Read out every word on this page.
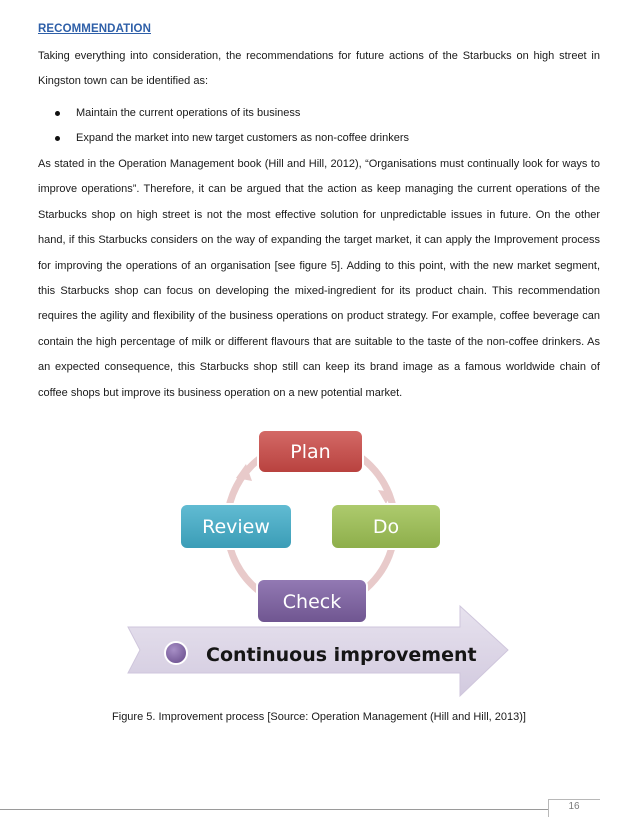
RECOMMENDATION

Taking everything into consideration, the recommendations for future actions of the Starbucks on high street in Kingston town can be identified as:

Maintain the current operations of its business
Expand the market into new target customers as non-coffee drinkers

As stated in the Operation Management book (Hill and Hill, 2012), “Organisations must continually look for ways to improve operations”. Therefore, it can be argued that the action as keep managing the current operations of the Starbucks shop on high street is not the most effective solution for unpredictable issues in future. On the other hand, if this Starbucks considers on the way of expanding the target market, it can apply the Improvement process for improving the operations of an organisation [see figure 5]. Adding to this point, with the new market segment, this Starbucks shop can focus on developing the mixed-ingredient for its product chain. This recommendation requires the agility and flexibility of the business operations on product strategy. For example, coffee beverage can contain the high percentage of milk or different flavours that are suitable to the taste of the non-coffee drinkers. As an expected consequence, this Starbucks shop still can keep its brand image as a famous worldwide chain of coffee shops but improve its business operation on a new potential market.

Continuous improvement
Plan
Do
Review
Check
Figure 5. Improvement process [Source: Operation Management (Hill and Hill, 2013)]
16
